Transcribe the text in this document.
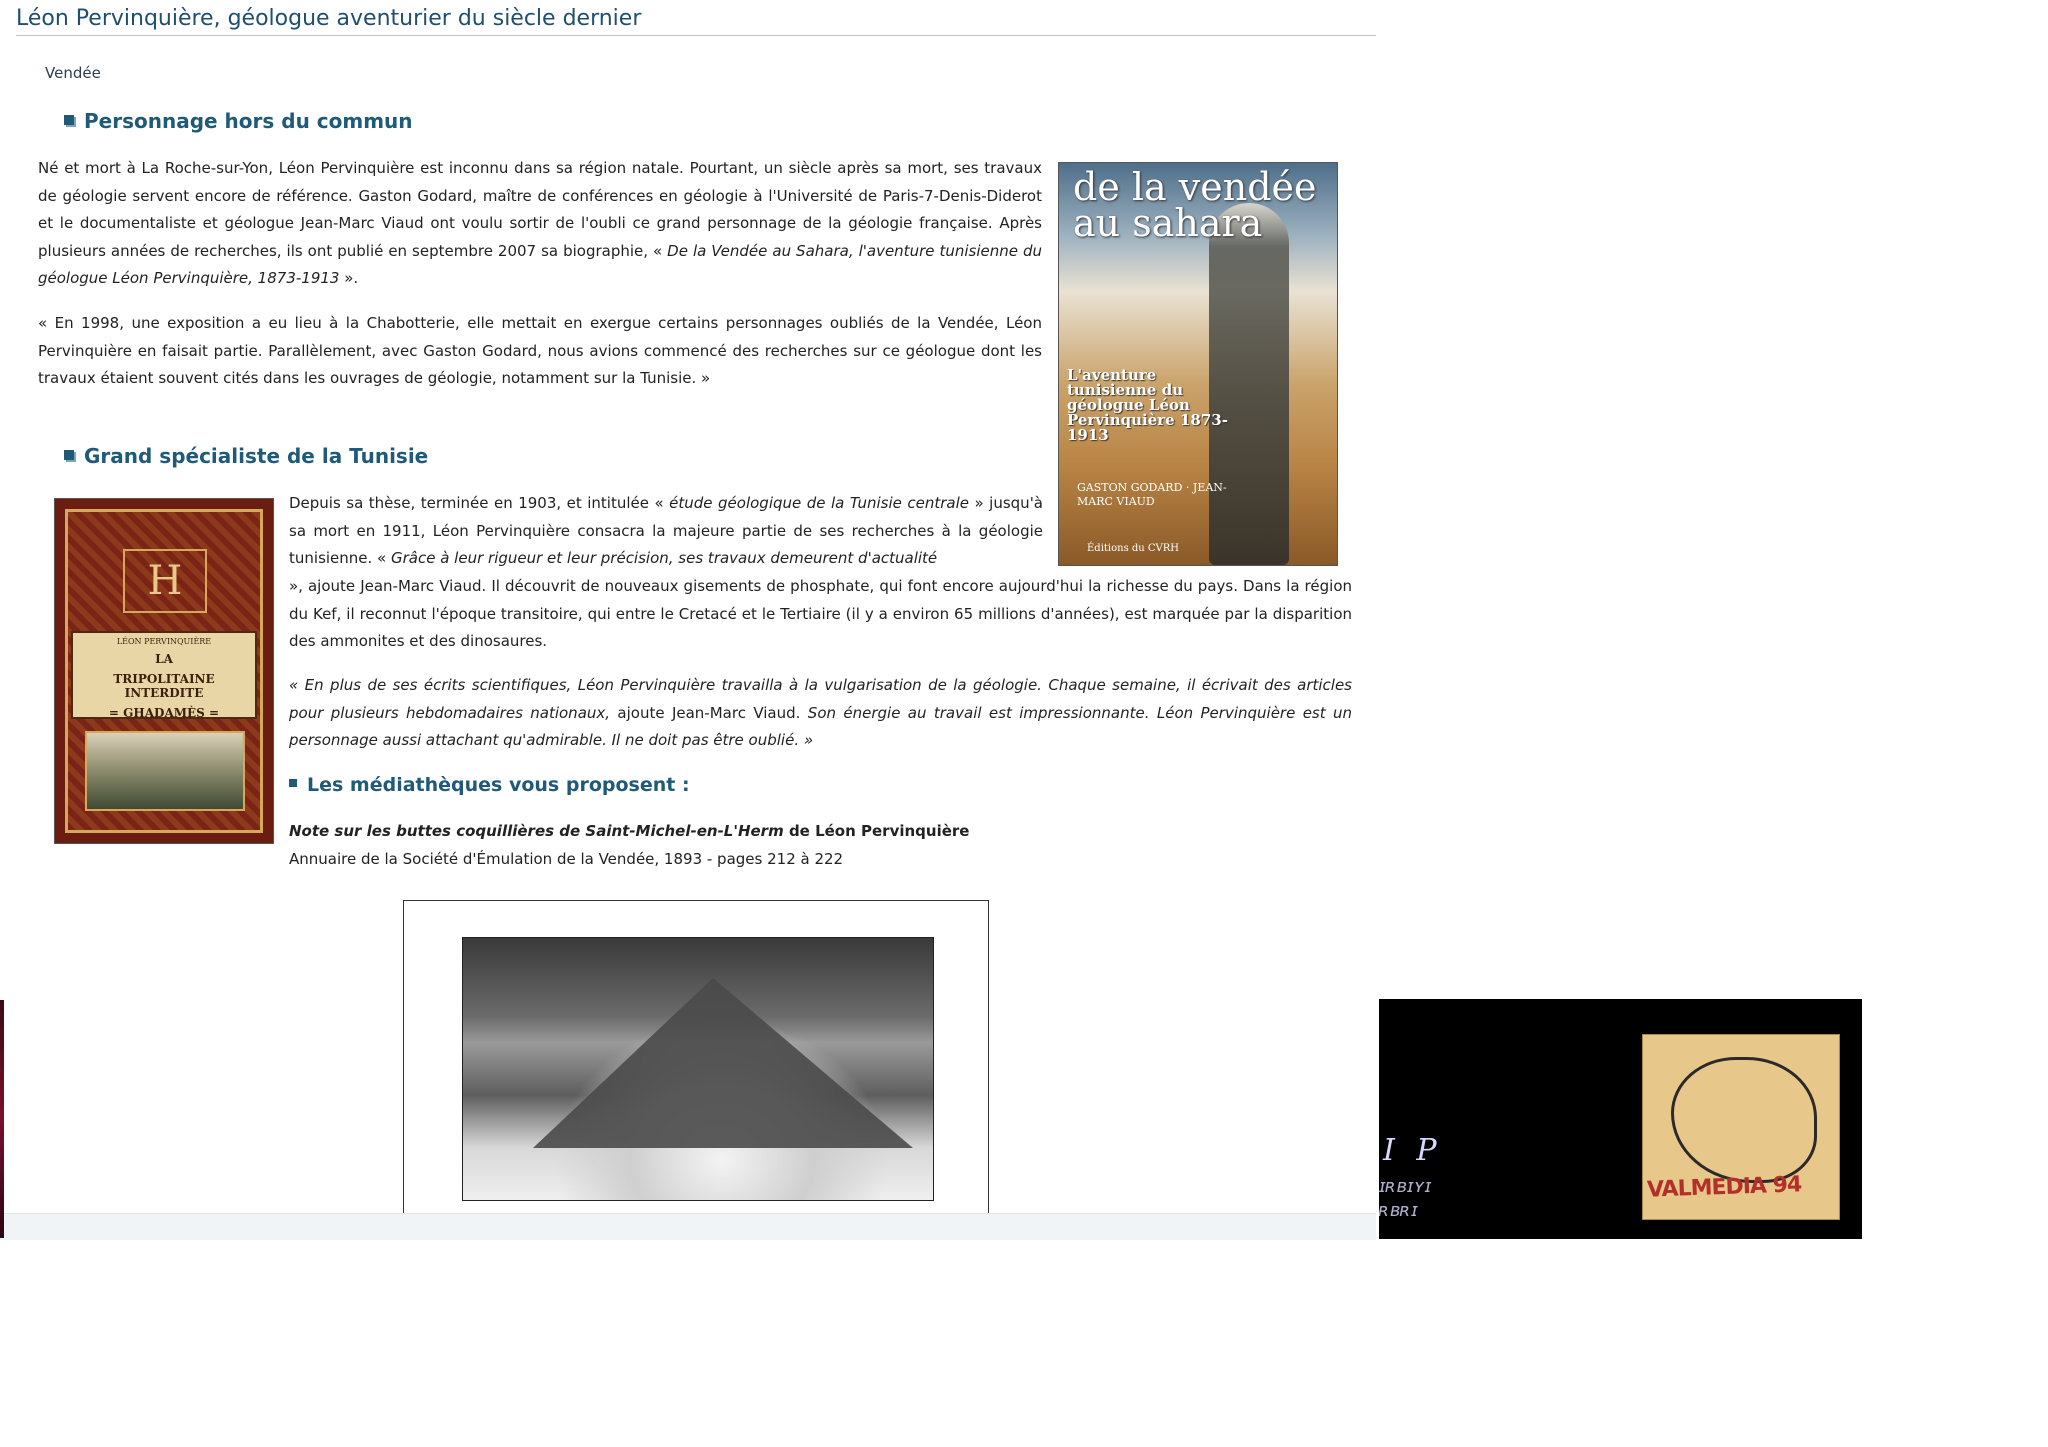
Léon Pervinquière, géologue aventurier du siècle dernier
Vendée
Personnage hors du commun
Né et mort à La Roche-sur-Yon, Léon Pervinquière est inconnu dans sa région natale. Pourtant, un siècle après sa mort, ses travaux de géologie servent encore de référence. Gaston Godard, maître de conférences en géologie à l'Université de Paris-7-Denis-Diderot et le documentaliste et géologue Jean-Marc Viaud ont voulu sortir de l'oubli ce grand personnage de la géologie française. Après plusieurs années de recherches, ils ont publié en septembre 2007 sa biographie, « De la Vendée au Sahara, l'aventure tunisienne du géologue Léon Pervinquière, 1873-1913 ».
« En 1998, une exposition a eu lieu à la Chabotterie, elle mettait en exergue certains personnages oubliés de la Vendée, Léon Pervinquière en faisait partie. Parallèlement, avec Gaston Godard, nous avions commencé des recherches sur ce géologue dont les travaux étaient souvent cités dans les ouvrages de géologie, notamment sur la Tunisie. »
de la vendée au sahara
L'aventure tunisienne du géologue Léon Pervinquière 1873-1913
GASTON GODARD · JEAN-MARC VIAUD
Éditions du CVRH
Grand spécialiste de la Tunisie
H
LÉON PERVINQUIÈRE
LA
TRIPOLITAINE INTERDITE
= GHADAMÈS =
Depuis sa thèse, terminée en 1903, et intitulée « étude géologique de la Tunisie centrale » jusqu'à sa mort en 1911, Léon Pervinquière consacra la majeure partie de ses recherches à la géologie tunisienne. « Grâce à leur rigueur et leur précision, ses travaux demeurent d'actualité
», ajoute Jean-Marc Viaud. Il découvrit de nouveaux gisements de phosphate, qui font encore aujourd'hui la richesse du pays. Dans la région du Kef, il reconnut l'époque transitoire, qui entre le Cretacé et le Tertiaire (il y a environ 65 millions d'années), est marquée par la disparition des ammonites et des dinosaures.
« En plus de ses écrits scientifiques, Léon Pervinquière travailla à la vulgarisation de la géologie. Chaque semaine, il écrivait des articles pour plusieurs hebdomadaires nationaux, ajoute Jean-Marc Viaud. Son énergie au travail est impressionnante. Léon Pervinquière est un personnage aussi attachant qu'admirable. Il ne doit pas être oublié. »
Les médiathèques vous proposent :
Note sur les buttes coquillières de Saint-Michel-en-L'Herm de Léon Pervinquière
Annuaire de la Société d'Émulation de la Vendée, 1893 - pages 212 à 222
I P
ɪʀʙɪʏɪ
ʀʙʀɪ
VALMEDIA 94
